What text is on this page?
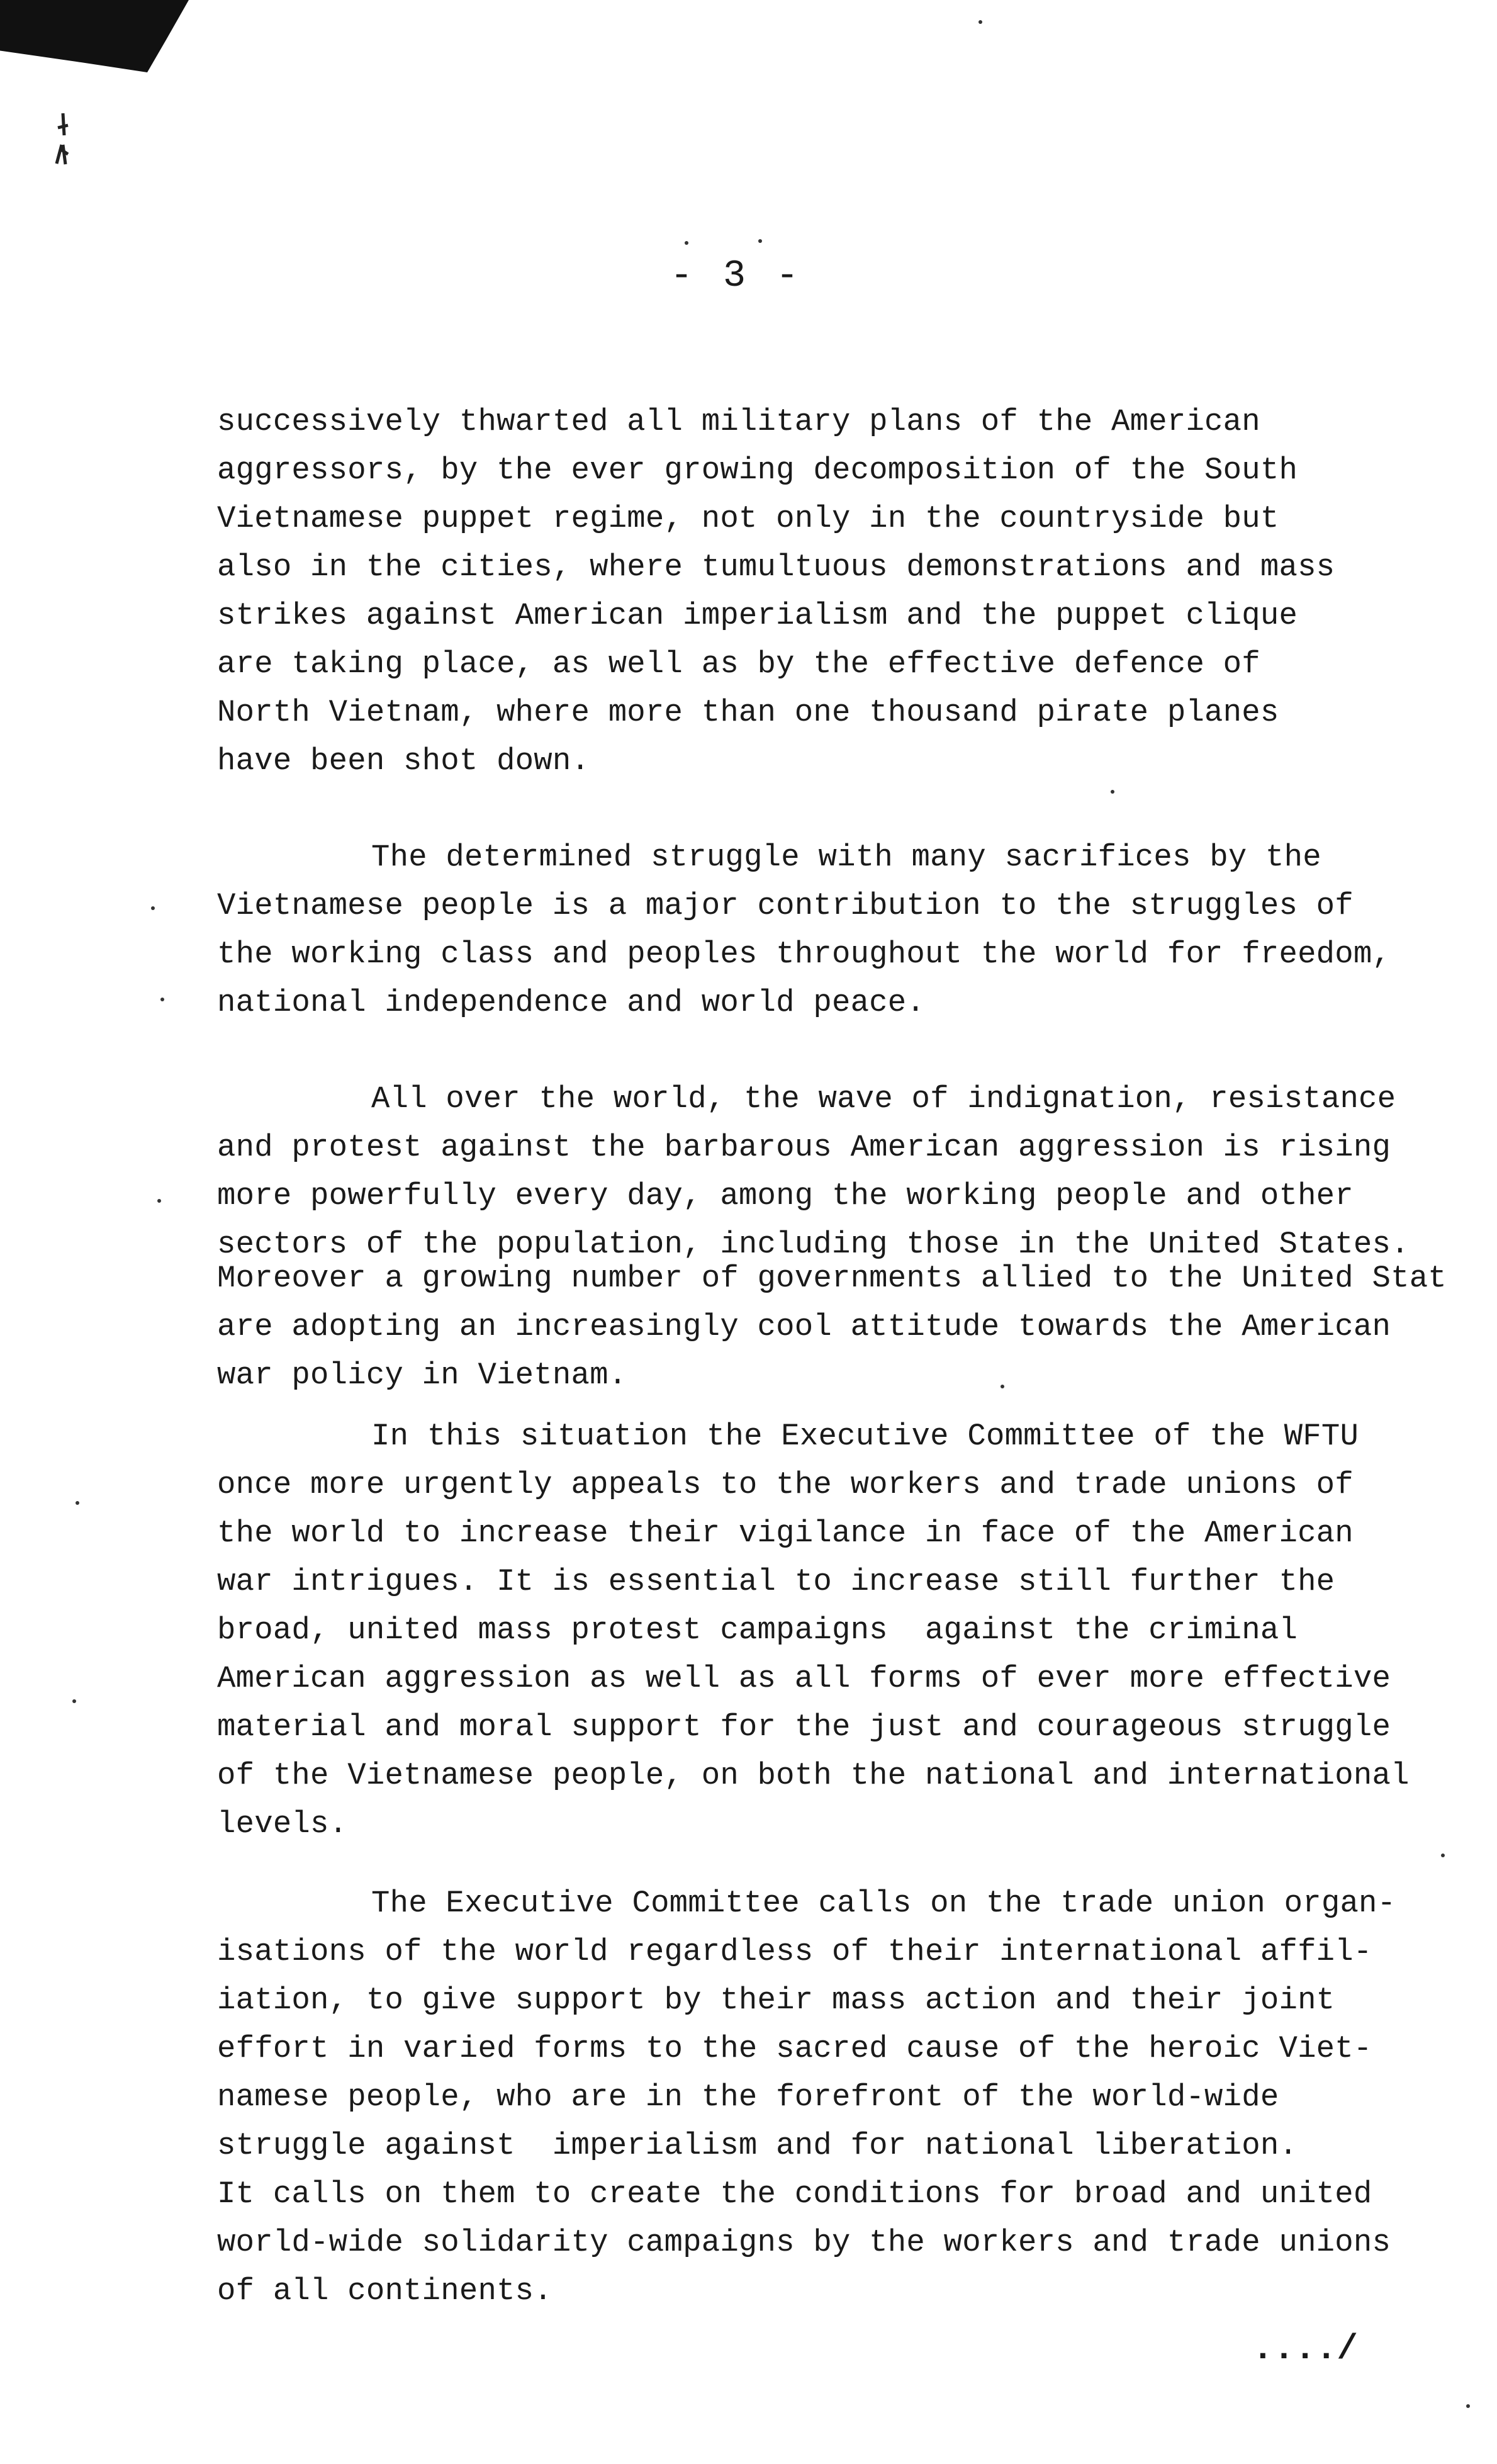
- 3 -
successively thwarted all military plans of the American
aggressors, by the ever growing decomposition of the South
Vietnamese puppet regime, not only in the countryside but
also in the cities, where tumultuous demonstrations and mass
strikes against American imperialism and the puppet clique
are taking place, as well as by the effective defence of
North Vietnam, where more than one thousand pirate planes
have been shot down.
The determined struggle with many sacrifices by the
Vietnamese people is a major contribution to the struggles of
the working class and peoples throughout the world for freedom,
national independence and world peace.
All over the world, the wave of indignation, resistance
and protest against the barbarous American aggression is rising
more powerfully every day, among the working people and other
sectors of the population, including those in the United States.
Moreover a growing number of governments allied to the United Stat
are adopting an increasingly cool attitude towards the American
war policy in Vietnam.
In this situation the Executive Committee of the WFTU
once more urgently appeals to the workers and trade unions of
the world to increase their vigilance in face of the American
war intrigues. It is essential to increase still further the
broad, united mass protest campaigns  against the criminal
American aggression as well as all forms of ever more effective
material and moral support for the just and courageous struggle
of the Vietnamese people, on both the national and international
levels.
The Executive Committee calls on the trade union organ-
isations of the world regardless of their international affil-
iation, to give support by their mass action and their joint
effort in varied forms to the sacred cause of the heroic Viet-
namese people, who are in the forefront of the world-wide
struggle against  imperialism and for national liberation.
It calls on them to create the conditions for broad and united
world-wide solidarity campaigns by the workers and trade unions
of all continents.
..../
